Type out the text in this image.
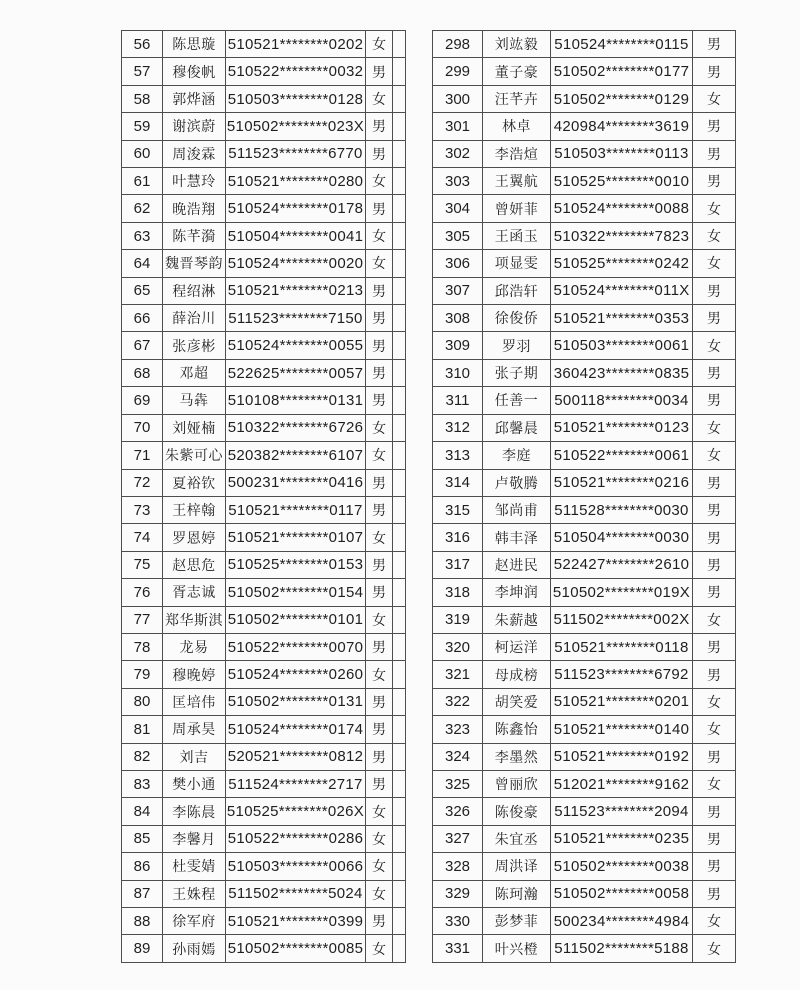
56	陈思璇	510521********0202	女	
57	穆俊帆	510522********0032	男	
58	郭烨涵	510503********0128	女	
59	谢滨蔚	510502********023X	男	
60	周浚霖	511523********6770	男	
61	叶慧玲	510521********0280	女	
62	晚浩翔	510524********0178	男	
63	陈芊漪	510504********0041	女	
64	魏晋琴韵	510524********0020	女	
65	程绍淋	510521********0213	男	
66	薛治川	511523********7150	男	
67	张彦彬	510524********0055	男	
68	邓超	522625********0057	男	
69	马犇	510108********0131	男	
70	刘娅楠	510322********6726	女	
71	朱紫可心	520382********6107	女	
72	夏裕钦	500231********0416	男	
73	王梓翰	510521********0117	男	
74	罗恩婷	510521********0107	女	
75	赵思危	510525********0153	男	
76	胥志诚	510502********0154	男	
77	郑华斯淇	510502********0101	女	
78	龙易	510522********0070	男	
79	穆晚婷	510524********0260	女	
80	匡培伟	510502********0131	男	
81	周承昊	510524********0174	男	
82	刘吉	520521********0812	男	
83	樊小通	511524********2717	男	
84	李陈晨	510525********026X	女	
85	李馨月	510522********0286	女	
86	杜雯婧	510503********0066	女	
87	王姝程	511502********5024	女	
88	徐军府	510521********0399	男	
89	孙雨嫣	510502********0085	女	
298	刘竑毅	510524********0115	男
299	董子豪	510502********0177	男
300	汪芊卉	510502********0129	女
301	林卓	420984********3619	男
302	李浩煊	510503********0113	男
303	王翼航	510525********0010	男
304	曾妍菲	510524********0088	女
305	王函玉	510322********7823	女
306	项显雯	510525********0242	女
307	邱浩轩	510524********011X	男
308	徐俊侨	510521********0353	男
309	罗羽	510503********0061	女
310	张子期	360423********0835	男
311	任善一	500118********0034	男
312	邱馨晨	510521********0123	女
313	李庭	510522********0061	女
314	卢敬腾	510521********0216	男
315	邹尚甫	511528********0030	男
316	韩丰泽	510504********0030	男
317	赵进民	522427********2610	男
318	李坤润	510502********019X	男
319	朱薪越	511502********002X	女
320	柯运洋	510521********0118	男
321	母成榜	511523********6792	男
322	胡笑爱	510521********0201	女
323	陈鑫怡	510521********0140	女
324	李墨然	510521********0192	男
325	曾丽欣	512021********9162	女
326	陈俊豪	511523********2094	男
327	朱宜丞	510521********0235	男
328	周洪译	510502********0038	男
329	陈珂瀚	510502********0058	男
330	彭梦菲	500234********4984	女
331	叶兴橙	511502********5188	女
